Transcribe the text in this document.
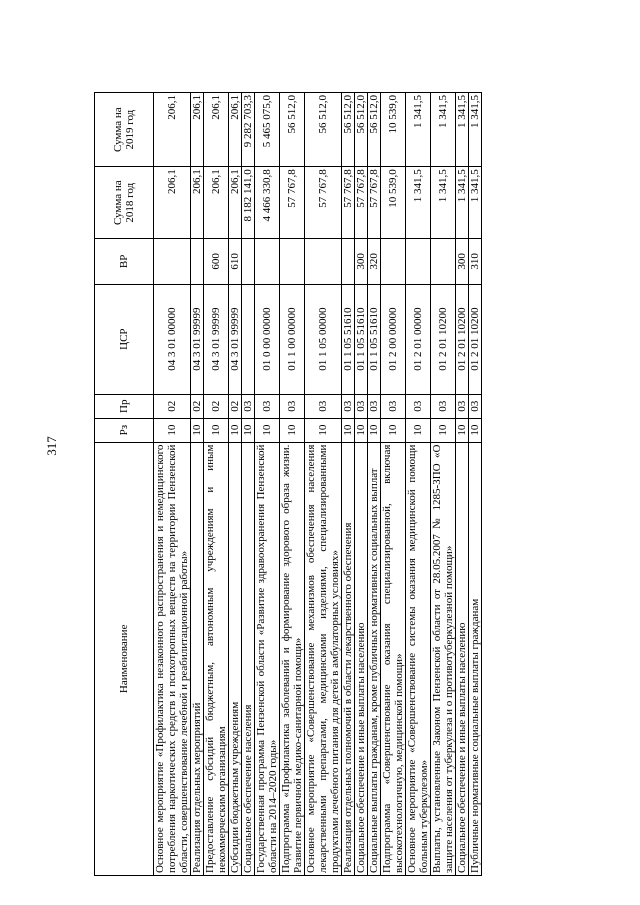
317
Наименование	Рз	Пр	ЦСР	ВР	Сумма на 2018 год	Сумма на 2019 год
Основное мероприятие «Профилактика незаконного распространения и немедицинского потребления наркотических средств и психотропных веществ на территории Пензенской области, совершенствование лечебной и реабилитационной работы»	10	02	04 3 01 00000		206,1	206,1
Реализация отдельных мероприятий	10	02	04 3 01 99999		206,1	206,1
Предоставление субсидий бюджетным, автономным учреждениям и иным некоммерческим организациям	10	02	04 3 01 99999	600	206,1	206,1
Субсидии бюджетным учреждениям	10	02	04 3 01 99999	610	206,1	206,1
Социальное обеспечение населения	10	03			8 182 141,0	9 282 703,3
Государственная программа Пензенской области «Развитие здравоохранения Пензенской области на 2014–2020 годы»	10	03	01 0 00 00000		4 466 330,8	5 465 075,0
Подпрограмма «Профилактика заболеваний и формирование здорового образа жизни. Развитие первичной медико-санитарной помощи»	10	03	01 1 00 00000		57 767,8	56 512,0
Основное мероприятие «Совершенствование механизмов обеспечения населения лекарственными препаратами, медицинскими изделиями, специализированными продуктами лечебного питания для детей в амбулаторных условиях»	10	03	01 1 05 00000		57 767,8	56 512,0
Реализация отдельных полномочий в области лекарственного обеспечения	10	03	01 1 05 51610		57 767,8	56 512,0
Социальное обеспечение и иные выплаты населению	10	03	01 1 05 51610	300	57 767,8	56 512,0
Социальные выплаты гражданам, кроме публичных нормативных социальных выплат	10	03	01 1 05 51610	320	57 767,8	56 512,0
Подпрограмма «Совершенствование оказания специализированной, включая высокотехнологичную, медицинской помощи»	10	03	01 2 00 00000		10 539,0	10 539,0
Основное мероприятие «Совершенствование системы оказания медицинской помощи больным туберкулезом»	10	03	01 2 01 00000		1 341,5	1 341,5
Выплаты, установленные Законом Пензенской области от 28.05.2007 № 1285-ЗПО «О защите населения от туберкулеза и о противотуберкулезной помощи»	10	03	01 2 01 10200		1 341,5	1 341,5
Социальное обеспечение и иные выплаты населению	10	03	01 2 01 10200	300	1 341,5	1 341,5
Публичные нормативные социальные выплаты гражданам	10	03	01 2 01 10200	310	1 341,5	1 341,5
